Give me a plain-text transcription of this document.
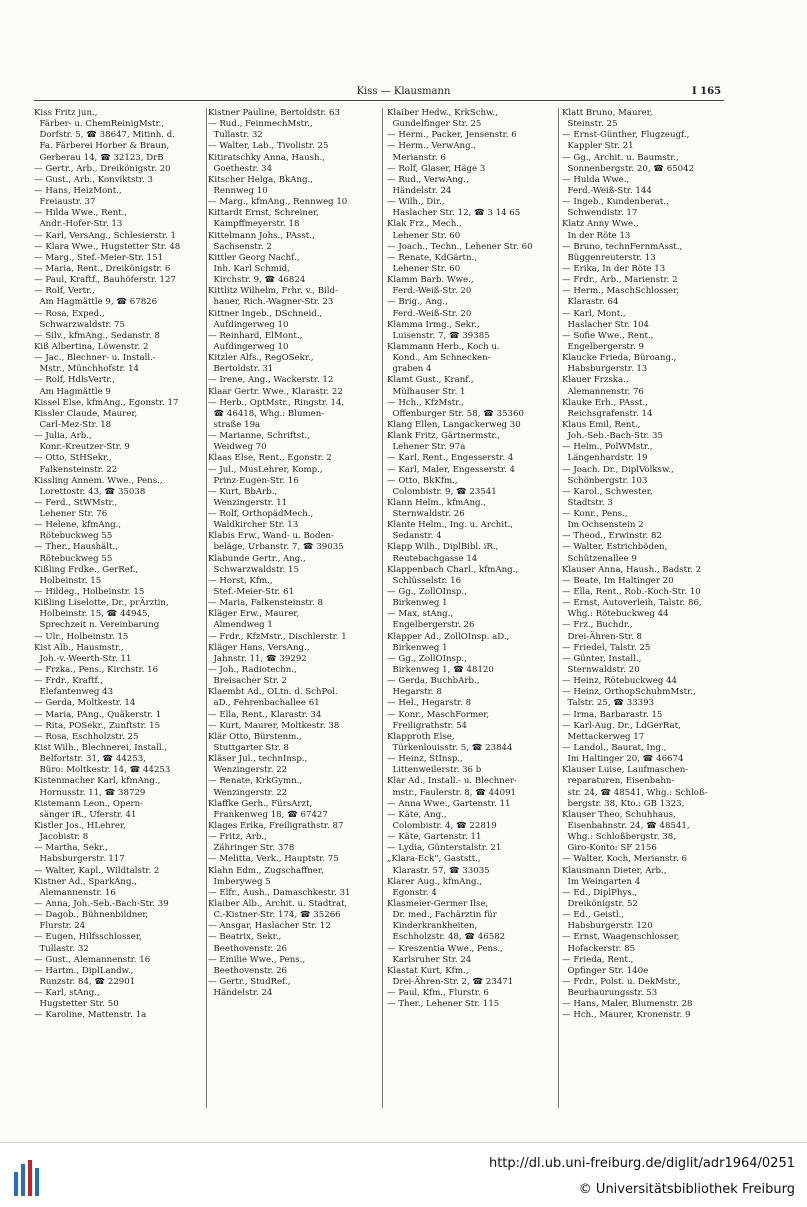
Kiss — Klausmann	I 165
Kiss Fritz jun.,
Färber- u. ChemReinigMstr.,
Dorfstr. 5, ☎ 38647, Mitinh. d.
Fa. Färberei Horber & Braun,
Gerberau 14, ☎ 32123, DrB
— Gertr., Arb., Dreikönigstr. 20
— Gust., Arb., Konviktstr. 3
— Hans, HeizMont.,
Freiaustr. 37
— Hilda Wwe., Rent.,
Andr.-Hofer-Str. 13
— Karl, VersAng., Schlesierstr. 1
— Klara Wwe., Hugstetter Str. 48
— Marg., Stef.-Meier-Str. 151
— Maria, Rent., Dreikönigstr. 6
— Paul, Kraftf., Bauhöferstr. 127
— Rolf, Vertr.,
Am Hagmättle 9, ☎ 67826
— Rosa, Exped.,
Schwarzwaldstr. 75
— Silv., kfmAng., Sedanstr. 8
Kiß Albertina, Löwenstr. 2
— Jac., Blechner- u. Install.-
Mstr., Münchhofstr. 14
— Rolf, HdlsVertr.,
Am Hagmättle 9
Kissel Else, kfmAng., Egonstr. 17
Kissler Claude, Maurer,
Carl-Mez-Str. 18
— Julia, Arb.,
Konr.-Kreutzer-Str. 9
— Otto, StHSekr.,
Falkensteinstr. 22
Kissling Annem. Wwe., Pens.,
Lorettostr. 43, ☎ 35038
— Ferd., StWMstr.,
Lehener Str. 76
— Helene, kfmAng.,
Rötebuckweg 55
— Ther., Haushält.,
Rötebuckweg 55
Kißling Frdke., GerRef.,
Holbeinstr. 15
— Hildeg., Holbeinstr. 15
Kißling Liselotte, Dr., prÄrztin,
Holbeinstr. 15, ☎ 44945,
Sprechzeit n. Vereinbarung
— Ulr., Holbeinstr. 15
Kist Alb., Hausmstr.,
Joh.-v.-Weerth-Str. 11
— Frzka., Pens., Kirchstr. 16
— Frdr., Kraftf.,
Elefantenweg 43
— Gerda, Moltkestr. 14
— Maria, PAng., Quäkerstr. 1
— Rita, POSekr., Zunftstr. 15
— Rosa, Eschholzstr. 25
Kist Wilh., Blechnerei, Install.,
Belfortstr. 31, ☎ 44253,
Büro: Moltkestr. 14, ☎ 44253
Kistenmacher Karl, kfmAng.,
Hornusstr. 11, ☎ 38729
Kistemann Leon., Opern-
sänger iR., Uferstr. 41
Kistler Jos., HLehrer,
Jacobistr. 8
— Martha, Sekr.,
Habsburgerstr. 117
— Walter, Kapl., Wildtalstr. 2
Kistner Ad., SparkAng.,
Alemannenstr. 16
— Anna, Joh.-Seb.-Bach-Str. 39
— Dagob., Bühnenbildner,
Flurstr. 24
— Eugen, Hilfsschlosser,
Tullastr. 32
— Gust., Alemannenstr. 16
— Hartm., DiplLandw.,
Runzstr. 84, ☎ 22901
— Karl, stAng.,
Hugstetter Str. 50
— Karoline, Mattenstr. 1a
Kistner Pauline, Bertoldstr. 63
— Rud., FeinmechMstr.,
Tullastr. 32
— Walter, Lab., Tivolistr. 25
Kitiratschky Anna, Haush.,
Goethestr. 34
Kitscher Helga, BkAng.,
Rennweg 10
— Marg., kfmAng., Rennweg 10
Kittardt Ernst, Schreiner,
Kampffmeyerstr. 18
Kittelmann Johs., PAsst.,
Sachsenstr. 2
Kittler Georg Nachf.,
Inh. Karl Schmid,
Kirchstr. 9, ☎ 46824
Kittlitz Wilhelm, Frhr. v., Bild-
hauer, Rich.-Wagner-Str. 23
Kittner Ingeb., DSchneid.,
Aufdingerweg 10
— Reinhard, ElMont.,
Aufdingerweg 10
Kitzler Alfs., RegOSekr.,
Bertoldstr. 31
— Irene, Ang., Wackerstr. 12
Klaar Gertr. Wwe., Klarastr. 22
— Herb., OptMstr., Ringstr. 14,
☎ 46418, Whg.: Blumen-
straße 19a
— Marianne, Schriftst.,
Weidweg 70
Klaas Else, Rent., Egonstr. 2
— Jul., MusLehrer, Komp.,
Prinz-Eugen-Str. 16
— Kurt, BbArb.,
Wenzingerstr. 11
— Rolf, OrthopädMech.,
Waldkircher Str. 13
Klabis Erw., Wand- u. Boden-
beläge, Urbanstr. 7, ☎ 39035
Klabunde Gertr., Ang.,
Schwarzwaldstr. 15
— Horst, Kfm.,
Stef.-Meier-Str. 61
— Maria, Falkensteinstr. 8
Kläger Erw., Maurer,
Almendweg 1
— Frdr., KfzMstr., Dischlerstr. 1
Kläger Hans, VersAng.,
Jahnstr. 11, ☎ 39292
— Joh., Radiotechn.,
Breisacher Str. 2
Klaembt Ad., OLtn. d. SchPol.
aD., Fehrenbachallee 61
— Ella, Rent., Klarastr. 34
— Kurt, Maurer, Moltkestr. 38
Klär Otto, Bürstenm.,
Stuttgarter Str. 8
Kläser Jul., technInsp.,
Wenzingerstr. 22
— Renate, KrkGymn.,
Wenzingerstr. 22
Klaffke Gerh., FürsArzt,
Frankenweg 18, ☎ 67427
Klages Erika, Freiligrathstr. 87
— Fritz, Arb.,
Zähringer Str. 378
— Melitta, Verk., Hauptstr. 75
Klahn Edm., Zugschaffner,
Imberyweg 5
— Elfr., Aush., Damaschkestr. 31
Klaiber Alb., Archit. u. Stadtrat,
C.-Kistner-Str. 174, ☎ 35266
— Ansgar, Haslacher Str. 12
— Beatrix, Sekr.,
Beethovenstr. 26
— Emilie Wwe., Pens.,
Beethovenstr. 26
— Gertr., StudRef.,
Händelstr. 24
Klaiber Hedw., KrkSchw.,
Gundelfinger Str. 25
— Herm., Packer, Jensenstr. 6
— Herm., VerwAng.,
Merianstr. 6
— Rolf, Glaser, Häge 3
— Rud., VerwAng.,
Händelstr. 24
— Wilh., Dir.,
Haslacher Str. 12, ☎ 3 14 65
Klak Frz., Mech.,
Lehener Str. 60
— Joach., Techn., Lehener Str. 60
— Renate, KdGärtn.,
Lehener Str. 60
Klamm Barb. Wwe.,
Ferd.-Weiß-Str. 20
— Brig., Ang.,
Ferd.-Weiß-Str. 20
Klamma Irmg., Sekr.,
Luisenstr. 7, ☎ 39385
Klammann Herb., Koch u.
Kond., Am Schnecken-
graben 4
Klamt Gust., Kranf.,
Mülhauser Str. 1
— Hch., KfzMstr.,
Offenburger Str. 58, ☎ 35360
Klang Ellen, Langackerweg 30
Klank Fritz, Gärtnermstr.,
Lehener Str. 97a
— Karl, Rent., Engesserstr. 4
— Karl, Maler, Engesserstr. 4
— Otto, BkKfm.,
Colombistr. 9, ☎ 23541
Klann Helm., kfmAng.,
Sternwaldstr. 26
Klante Helm., Ing. u. Archit.,
Sedanstr. 4
Klapp Wilh., DiplBibl. iR.,
Reutebachgasse 14
Klappenbach Charl., kfmAng.,
Schlüsselstr. 16
— Gg., ZollOInsp.,
Birkenweg 1
— Max, stAng.,
Engelbergerstr. 26
Klapper Ad., ZollOInsp. aD.,
Birkenweg 1
— Gg., ZollOInsp.,
Birkenweg 1, ☎ 48120
— Gerda, BuchbArb.,
Hegarstr. 8
— Hel., Hegarstr. 8
— Konr., MaschFormer,
Freiligrathstr. 54
Klapproth Else,
Türkenlouisstr. 5, ☎ 23844
— Heinz, StInsp.,
Littenweilerstr. 36 b
Klar Ad., Install.- u. Blechner-
mstr., Faulerstr. 8, ☎ 44091
— Anna Wwe., Gartenstr. 11
— Käte, Ang.,
Colombistr. 4, ☎ 22819
— Käte, Gartenstr. 11
— Lydia, Günterstalstr. 21
„Klara-Eck“, Gaststt.,
Klarastr. 57, ☎ 33035
Klarer Aug., kfmAng.,
Egonstr. 4
Klasmeier-Germer Ilse,
Dr. med., Fachärztin für
Kinderkrankheiten,
Eschholzstr. 48, ☎ 46582
— Kreszentia Wwe., Pens.,
Karlsruher Str. 24
Klastat Kurt, Kfm.,
Drei-Ähren-Str. 2, ☎ 23471
— Paul, Kfm., Flurstr. 6
— Ther., Lehener Str. 115
Klatt Bruno, Maurer,
Steinstr. 25
— Ernst-Günther, Flugzeugf.,
Kappler Str. 21
— Gg., Archit. u. Baumstr.,
Sonnenbergstr. 20, ☎ 65042
— Hulda Wwe.,
Ferd.-Weiß-Str. 144
— Ingeb., Kundenberat.,
Schwendistr. 17
Klatz Anny Wwe.,
In der Röte 13
— Bruno, technFernmAsst.,
Büggenreuterstr. 13
— Erika, In der Röte 13
— Frdr., Arb., Marienstr. 2
— Herm., MaschSchlosser,
Klarastr. 64
— Karl, Mont.,
Haslacher Str. 104
— Sofie Wwe., Rent.,
Engelbergerstr. 9
Klaucke Frieda, Büroang.,
Habsburgerstr. 13
Klauer Frzska.,
Alemannenstr. 76
Klauke Erh., PAsst.,
Reichsgrafenstr. 14
Klaus Emil, Rent.,
Joh.-Seb.-Bach-Str. 35
— Helm., PolWMstr.,
Längenhardstr. 19
— Joach. Dr., DiplVolksw.,
Schönbergstr. 103
— Karol., Schwester,
Stadtstr. 3
— Konr., Pens.,
Im Ochsenstein 2
— Theod., Erwinstr. 82
— Walter, Estrichböden,
Schützenallee 9
Klauser Anna, Haush., Badstr. 2
— Beate, Im Haltinger 20
— Ella, Rent., Rob.-Koch-Str. 10
— Ernst, Autoverleih, Talstr. 86,
Whg.: Rötebuckweg 44
— Frz., Buchdr.,
Drei-Ähren-Str. 8
— Friedel, Talstr. 25
— Günter, Install.,
Sternwaldstr. 20
— Heinz, Rötebuckweg 44
— Heinz, OrthopSchuhmMstr.,
Talstr. 25, ☎ 33393
— Irma, Barbarastr. 15
— Karl-Aug. Dr., LdGerRat,
Mettackerweg 17
— Landol., Baurat, Ing.,
Im Haltinger 20, ☎ 46674
Klauser Luise, Laufmaschen-
reparaturen, Eisenbahn-
str. 24, ☎ 48541, Whg.: Schloß-
bergstr. 38, Kto.: GB 1323,
Klauser Theo, Schuhhaus,
Eisenbahnstr. 24, ☎ 48541,
Whg.: Schloßbergstr. 38,
Giro-Konto: SF 2156
— Walter, Koch, Merianstr. 6
Klausmann Dieter, Arb.,
Im Weingarten 4
— Ed., DiplPhys.,
Dreikönigstr. 52
— Ed., Geistl.,
Habsburgerstr. 120
— Ernst, Waagenschlosser,
Hofackerstr. 85
— Frieda, Rent.,
Opfinger Str. 140e
— Frdr., Polst. u. DekMstr.,
Beurbaurungsstr. 53
— Hans, Maler, Blumenstr. 28
— Hch., Maurer, Kronenstr. 9
http://dl.ub.uni-freiburg.de/diglit/adr1964/0251
© Universitätsbibliothek Freiburg
